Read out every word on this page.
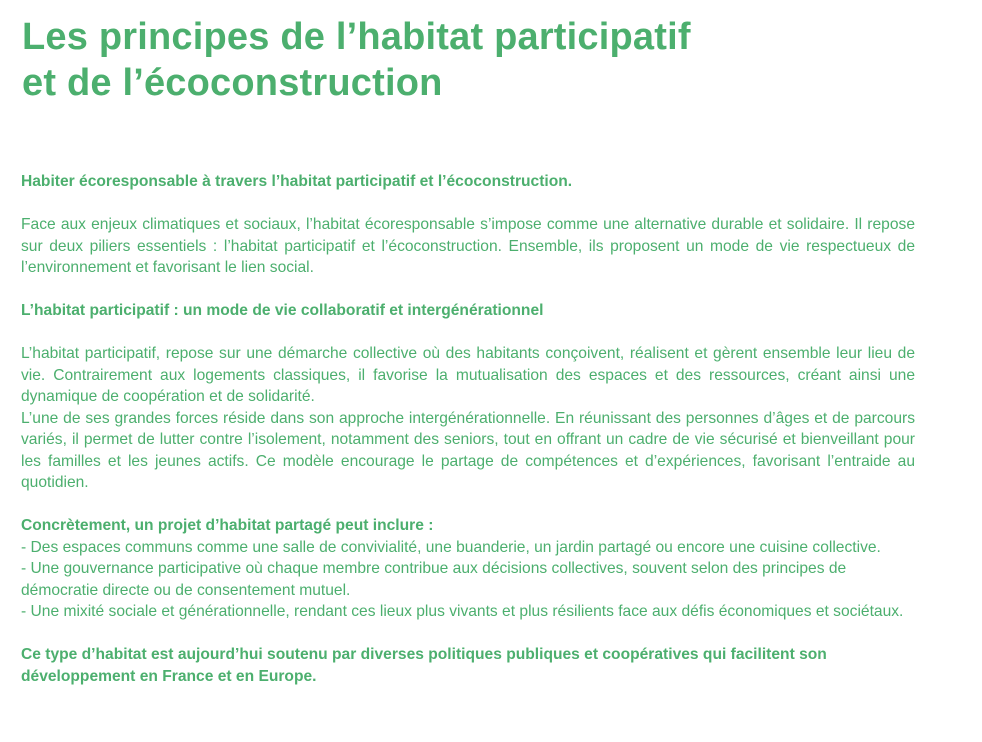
Les principes de l’habitat participatif
et de l’écoconstruction

Habiter écoresponsable à travers l’habitat participatif et l’écoconstruction.

Face aux enjeux climatiques et sociaux, l’habitat écoresponsable s’impose comme une alternative durable et solidaire. Il repose sur deux piliers essentiels : l’habitat participatif et l’écoconstruction. Ensemble, ils proposent un mode de vie respectueux de l’environnement et favorisant le lien social.

L’habitat participatif : un mode de vie collaboratif et intergénérationnel

L’habitat participatif, repose sur une démarche collective où des habitants conçoivent, réalisent et gèrent ensemble leur lieu de vie. Contrairement aux logements classiques, il favorise la mutualisation des espaces et des ressources, créant ainsi une dynamique de coopération et de solidarité.

L’une de ses grandes forces réside dans son approche intergénérationnelle. En réunissant des personnes d’âges et de parcours variés, il permet de lutter contre l’isolement, notamment des seniors, tout en offrant un cadre de vie sécurisé et bienveillant pour les familles et les jeunes actifs. Ce modèle encourage le partage de compétences et d’expériences, favorisant l’entraide au quotidien.

Concrètement, un projet d’habitat partagé peut inclure :

- Des espaces communs comme une salle de convivialité, une buanderie, un jardin partagé ou encore une cuisine collective.

- Une gouvernance participative où chaque membre contribue aux décisions collectives, souvent selon des principes de démocratie directe ou de consentement mutuel.

- Une mixité sociale et générationnelle, rendant ces lieux plus vivants et plus résilients face aux défis économiques et sociétaux.

Ce type d’habitat est aujourd’hui soutenu par diverses politiques publiques et coopératives qui facilitent son développement en France et en Europe.
